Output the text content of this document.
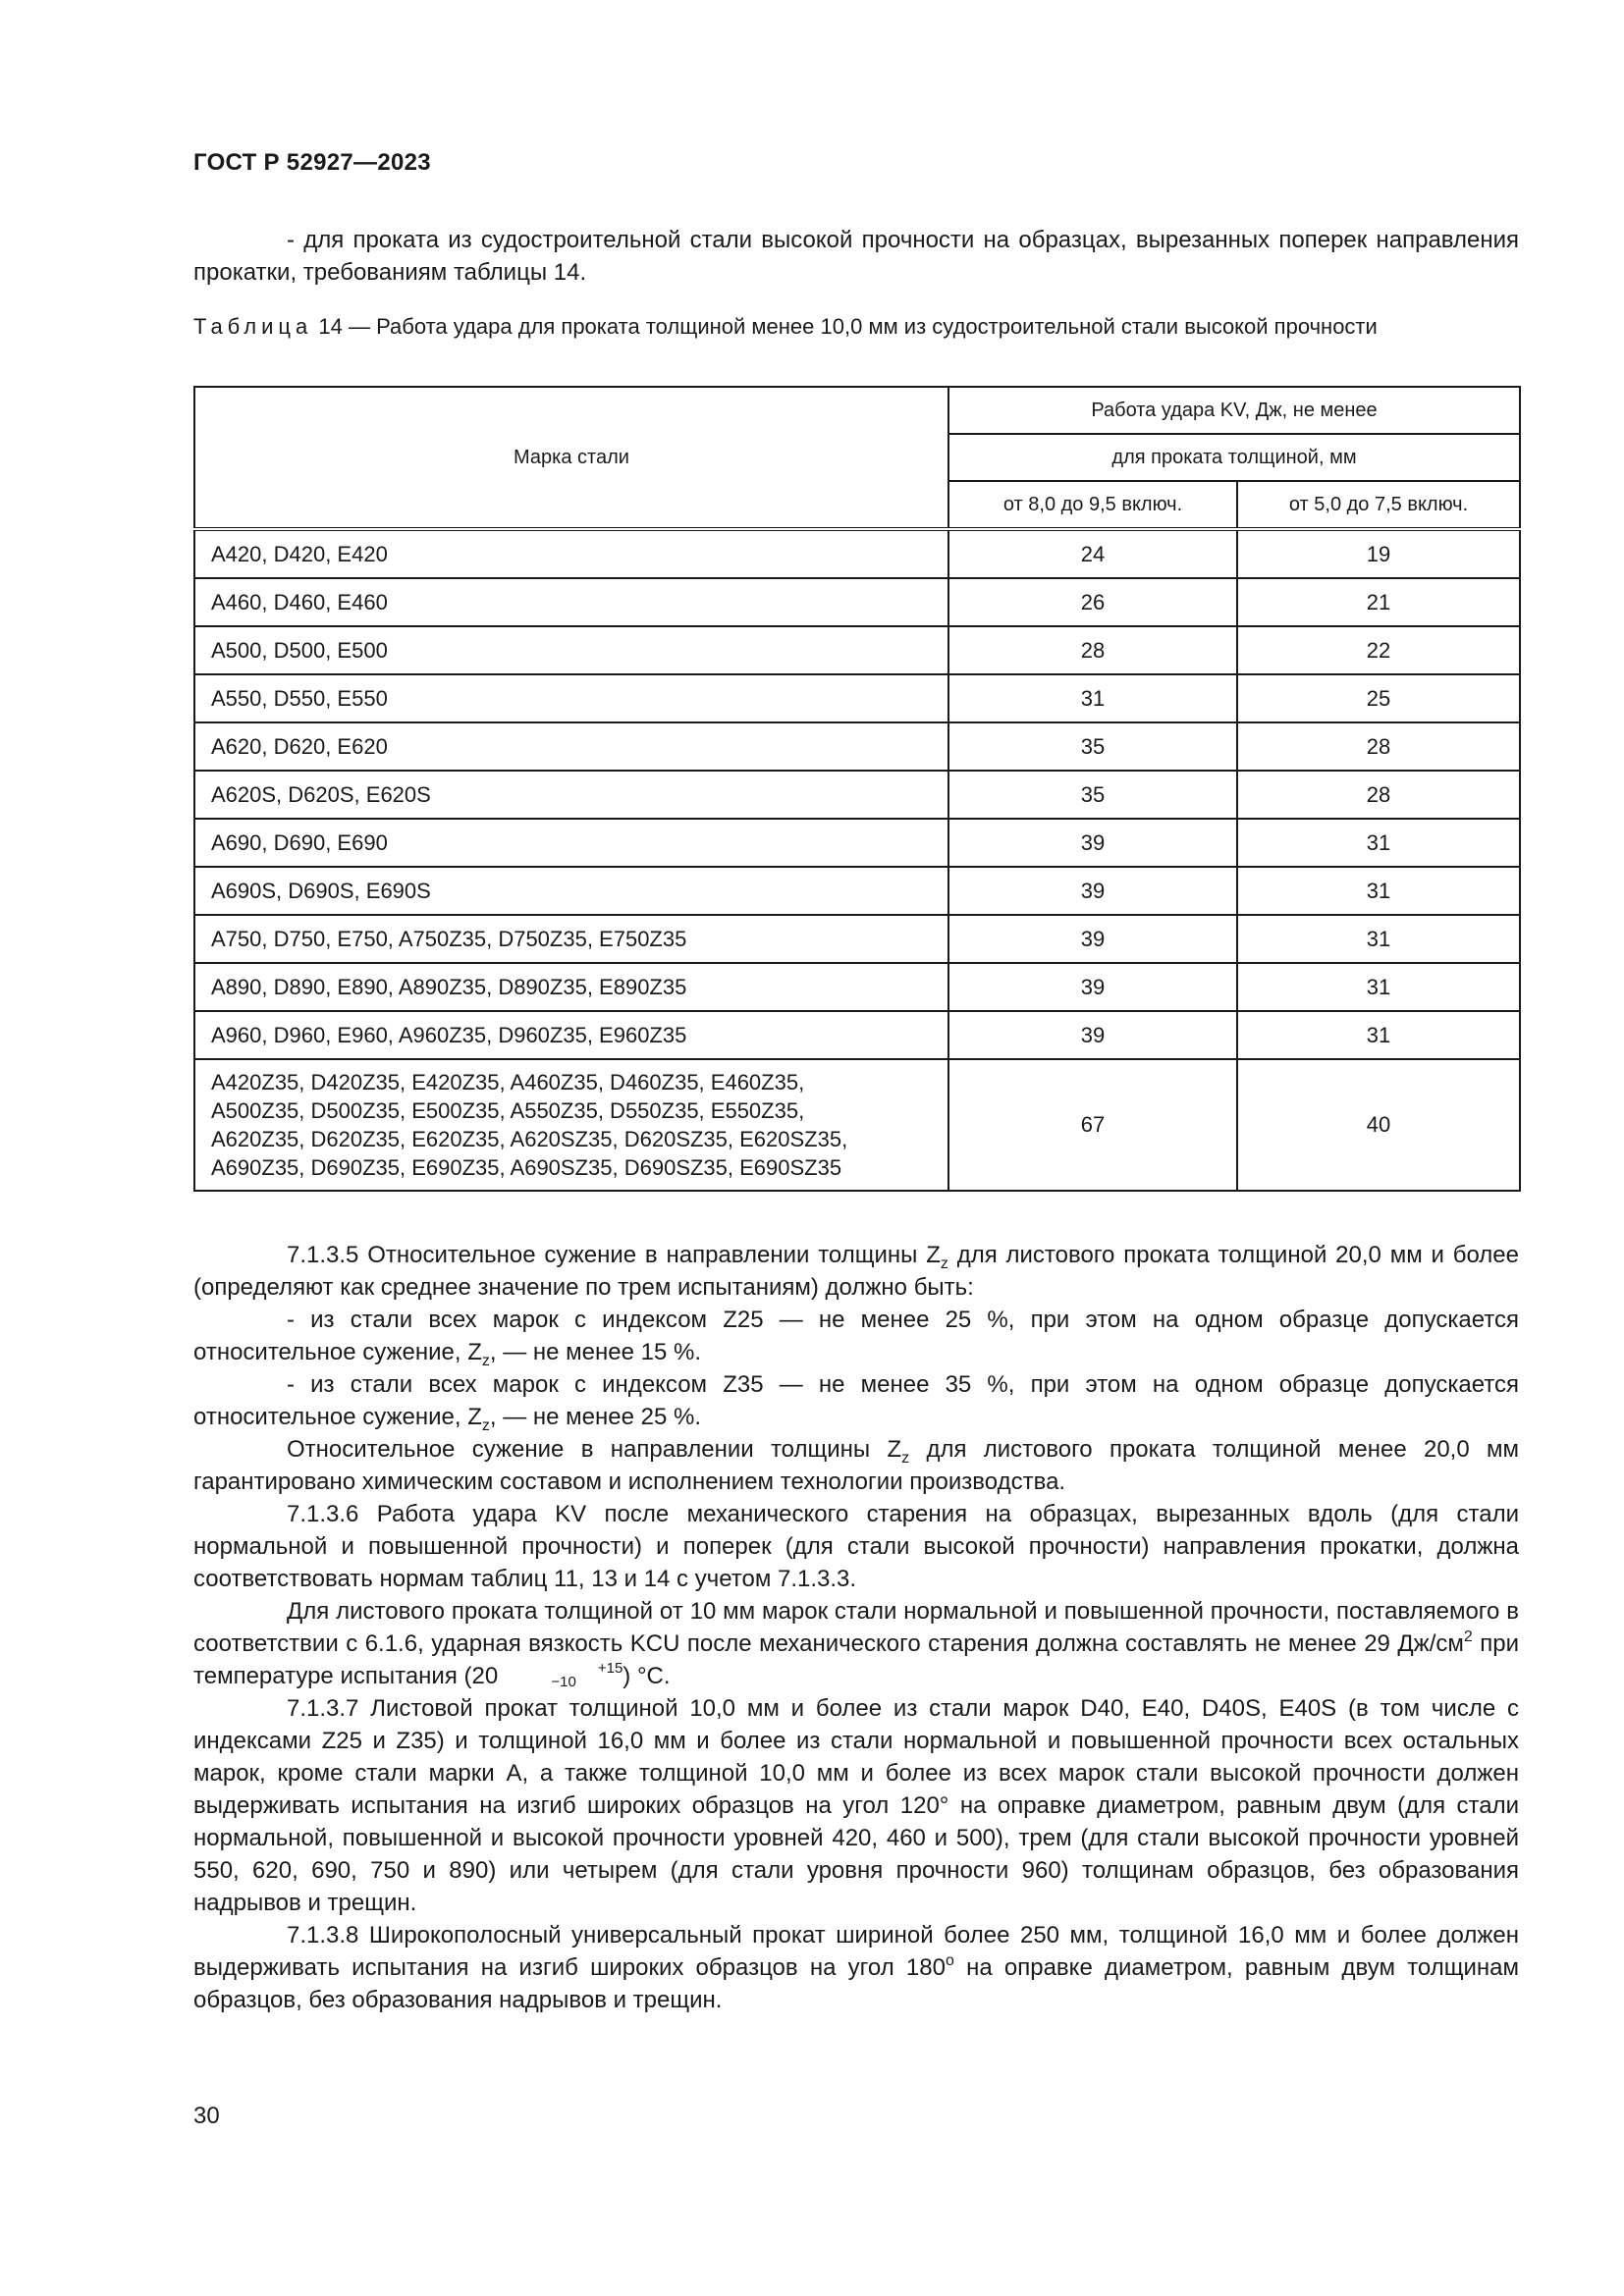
ГОСТ Р 52927—2023
- для проката из судостроительной стали высокой прочности на образцах, вырезанных поперек направления прокатки, требованиям таблицы 14.
Таблица 14 — Работа удара для проката толщиной менее 10,0 мм из судостроительной стали высокой прочности
Марка стали	Работа удара KV, Дж, не менее	
	для проката толщиной, мм	
	от 8,0 до 9,5 включ.	от 5,0 до 7,5 включ.
A420, D420, E420	24	19
A460, D460, E460	26	21
A500, D500, E500	28	22
A550, D550, E550	31	25
A620, D620, E620	35	28
A620S, D620S, E620S	35	28
A690, D690, E690	39	31
A690S, D690S, E690S	39	31
A750, D750, E750, A750Z35, D750Z35, E750Z35	39	31
A890, D890, E890, A890Z35, D890Z35, E890Z35	39	31
A960, D960, E960, A960Z35, D960Z35, E960Z35	39	31

A420Z35, D420Z35, E420Z35, A460Z35, D460Z35, E460Z35,
A500Z35, D500Z35, E500Z35, A550Z35, D550Z35, E550Z35,
A620Z35, D620Z35, E620Z35, A620SZ35, D620SZ35, E620SZ35,
A690Z35, D690Z35, E690Z35, A690SZ35, D690SZ35, E690SZ35	67	40

7.1.3.5 Относительное сужение в направлении толщины $Z_z$ для листового проката толщиной 20,0 мм и более (определяют как среднее значение по трем испытаниям) должно быть:

- из стали всех марок с индексом Z25 — не менее 25 %, при этом на одном образце допускается относительное сужение, $Z_z$, — не менее 15 %.

- из стали всех марок с индексом Z35 — не менее 35 %, при этом на одном образце допускается относительное сужение, $Z_z$, — не менее 25 %.

Относительное сужение в направлении толщины $Z_z$ для листового проката толщиной менее 20,0 мм гарантировано химическим составом и исполнением технологии производства.

7.1.3.6 Работа удара KV после механического старения на образцах, вырезанных вдоль (для стали нормальной и повышенной прочности) и поперек (для стали высокой прочности) направления прокатки, должна соответствовать нормам таблиц 11, 13 и 14 с учетом 7.1.3.3.

Для листового проката толщиной от 10 мм марок стали нормальной и повышенной прочности, поставляемого в соответствии с 6.1.6, ударная вязкость KCU после механического старения должна составлять не менее 29 $Дж/см^2$ при температуре испытания (20	+15
−10 ) °С.

7.1.3.7 Листовой прокат толщиной 10,0 мм и более из стали марок D40, E40, D40S, E40S (в том числе с индексами Z25 и Z35) и толщиной 16,0 мм и более из стали нормальной и повышенной прочности всех остальных марок, кроме стали марки А, а также толщиной 10,0 мм и более из всех марок стали высокой прочности должен выдерживать испытания на изгиб широких образцов на угол 120° на оправке диаметром, равным двум (для стали нормальной, повышенной и высокой прочности уровней 420, 460 и 500), трем (для стали высокой прочности уровней 550, 620, 690, 750 и 890) или четырем (для стали уровня прочности 960) толщинам образцов, без образования надрывов и трещин.

7.1.3.8 Широкополосный универсальный прокат шириной более 250 мм, толщиной 16,0 мм и более должен выдерживать испытания на изгиб широких образцов на угол 180$^o$ на оправке диаметром, равным двум толщинам образцов, без образования надрывов и трещин.

30
